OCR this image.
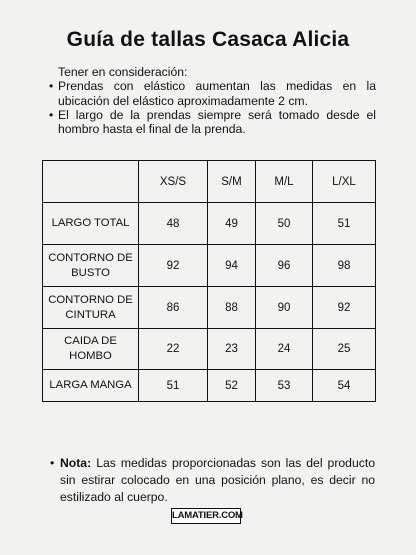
Guía de tallas Casaca Alicia
Tener en consideración:
• Prendas con elástico aumentan las medidas en la ubicación del elástico aproximadamente 2 cm.
• El largo de la prendas siempre será tomado desde el hombro hasta el final de la prenda.
	XS/S	S/M	M/L	L/XL
LARGO TOTAL	48	49	50	51
CONTORNO DE BUSTO	92	94	96	98
CONTORNO DE CINTURA	86	88	90	92
CAIDA DE HOMBO	22	23	24	25
LARGA MANGA	51	52	53	54
• Nota: Las medidas proporcionadas son las del producto sin estirar colocado en una posición plano, es decir no estilizado al cuerpo.
LAMATIER.COM
